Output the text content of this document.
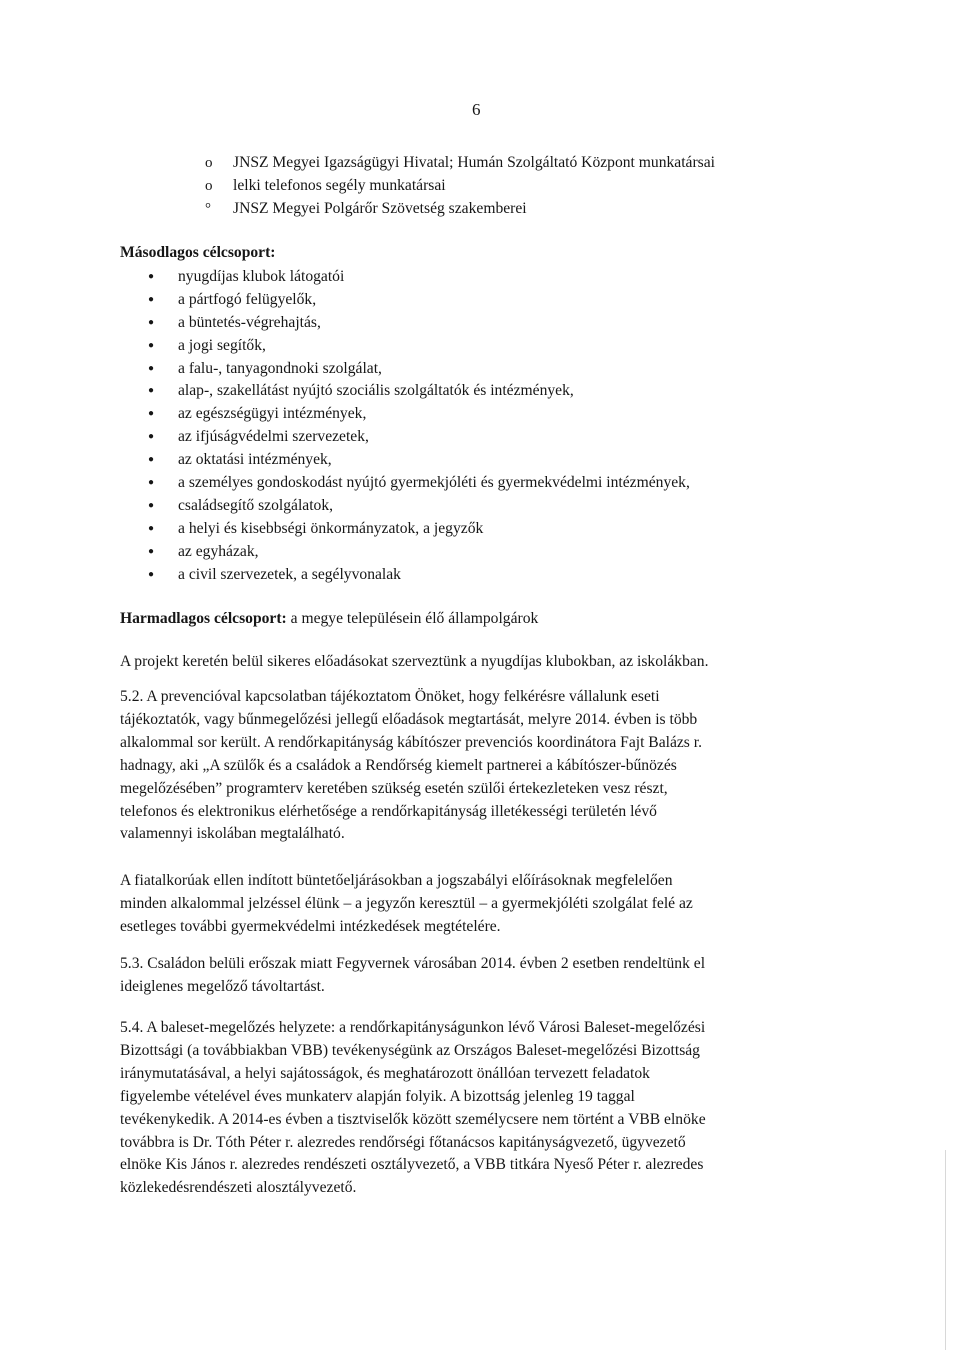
6
o JNSZ Megyei Igazságügyi Hivatal; Humán Szolgáltató Központ munkatársai
o lelki telefonos segély munkatársai
° JNSZ Megyei Polgárőr Szövetség szakemberei
Másodlagos célcsoport:
● nyugdíjas klubok látogatói
● a pártfogó felügyelők,
● a büntetés-végrehajtás,
● a jogi segítők,
● a falu-, tanyagondnoki szolgálat,
● alap-, szakellátást nyújtó szociális szolgáltatók és intézmények,
● az egészségügyi intézmények,
● az ifjúságvédelmi szervezetek,
● az oktatási intézmények,
● a személyes gondoskodást nyújtó gyermekjóléti és gyermekvédelmi intézmények,
● családsegítő szolgálatok,
● a helyi és kisebbségi önkormányzatok, a jegyzők
● az egyházak,
● a civil szervezetek, a segélyvonalak
Harmadlagos célcsoport: a megye településein élő állampolgárok
A projekt keretén belül sikeres előadásokat szerveztünk a nyugdíjas klubokban, az iskolákban.
5.2. A prevencióval kapcsolatban tájékoztatom Önöket, hogy felkérésre vállalunk eseti
tájékoztatók, vagy bűnmegelőzési jellegű előadások megtartását, melyre 2014. évben is több
alkalommal sor került. A rendőrkapitányság kábítószer prevenciós koordinátora Fajt Balázs r.
hadnagy, aki „A szülők és a családok a Rendőrség kiemelt partnerei a kábítószer-bűnözés
megelőzésében” programterv keretében szükség esetén szülői értekezleteken vesz részt,
telefonos és elektronikus elérhetősége a rendőrkapitányság illetékességi területén lévő
valamennyi iskolában megtalálható.
A fiatalkorúak ellen indított büntetőeljárásokban a jogszabályi előírásoknak megfelelően
minden alkalommal jelzéssel élünk – a jegyzőn keresztül – a gyermekjóléti szolgálat felé az
esetleges további gyermekvédelmi intézkedések megtételére.
5.3. Családon belüli erőszak miatt Fegyvernek városában 2014. évben 2 esetben rendeltünk el
ideiglenes megelőző távoltartást.
5.4. A baleset-megelőzés helyzete: a rendőrkapitányságunkon lévő Városi Baleset-megelőzési
Bizottsági (a továbbiakban VBB) tevékenységünk az Országos Baleset-megelőzési Bizottság
iránymutatásával, a helyi sajátosságok, és meghatározott önállóan tervezett feladatok
figyelembe vételével éves munkaterv alapján folyik. A bizottság jelenleg 19 taggal
tevékenykedik. A 2014-es évben a tisztviselők között személycsere nem történt a VBB elnöke
továbbra is Dr. Tóth Péter r. alezredes rendőrségi főtanácsos kapitányságvezető, ügyvezető
elnöke Kis János r. alezredes rendészeti osztályvezető, a VBB titkára Nyeső Péter r. alezredes
közlekedésrendészeti alosztályvezető.
